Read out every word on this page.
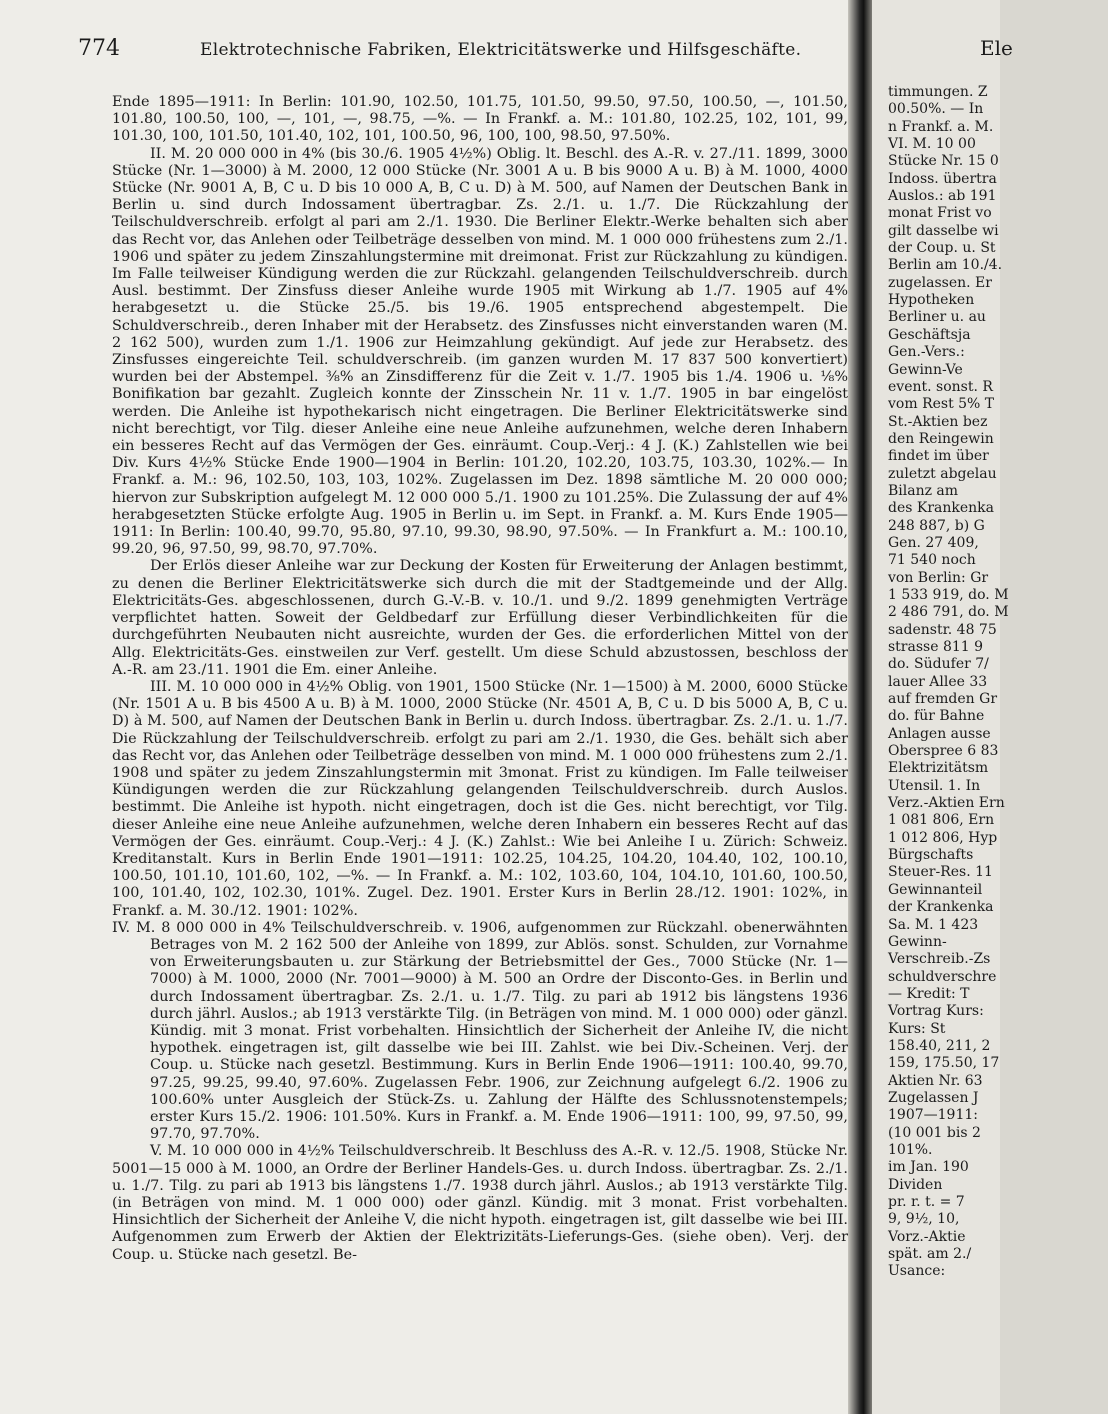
774	Elektrotechnische Fabriken, Elektricitätswerke und Hilfsgeschäfte.

Ende 1895—1911: In Berlin: 101.90, 102.50, 101.75, 101.50, 99.50, 97.50, 100.50, —, 101.50, 101.80, 100.50, 100, —, 101, —, 98.75, —%. — In Frankf. a. M.: 101.80, 102.25, 102, 101, 99, 101.30, 100, 101.50, 101.40, 102, 101, 100.50, 96, 100, 100, 98.50, 97.50%.

II. M. 20 000 000 in 4% (bis 30./6. 1905 4½%) Oblig. lt. Beschl. des A.-R. v. 27./11. 1899, 3000 Stücke (Nr. 1—3000) à M. 2000, 12 000 Stücke (Nr. 3001 A u. B bis 9000 A u. B) à M. 1000, 4000 Stücke (Nr. 9001 A, B, C u. D bis 10 000 A, B, C u. D) à M. 500, auf Namen der Deutschen Bank in Berlin u. sind durch Indossament übertragbar. Zs. 2./1. u. 1./7. Die Rückzahlung der Teilschuldverschreib. erfolgt al pari am 2./1. 1930. Die Berliner Elektr.-Werke behalten sich aber das Recht vor, das Anlehen oder Teilbeträge desselben von mind. M. 1 000 000 frühestens zum 2./1. 1906 und später zu jedem Zinszahlungstermine mit dreimonat. Frist zur Rückzahlung zu kündigen. Im Falle teilweiser Kündigung werden die zur Rückzahl. gelangenden Teilschuldverschreib. durch Ausl. bestimmt. Der Zinsfuss dieser Anleihe wurde 1905 mit Wirkung ab 1./7. 1905 auf 4% herabgesetzt u. die Stücke 25./5. bis 19./6. 1905 entsprechend abgestempelt. Die Schuldverschreib., deren Inhaber mit der Herabsetz. des Zinsfusses nicht einverstanden waren (M. 2 162 500), wurden zum 1./1. 1906 zur Heimzahlung gekündigt. Auf jede zur Herabsetz. des Zinsfusses eingereichte Teil. schuldverschreib. (im ganzen wurden M. 17 837 500 konvertiert) wurden bei der Abstempel. ⅜% an Zinsdifferenz für die Zeit v. 1./7. 1905 bis 1./4. 1906 u. ⅛% Bonifikation bar gezahlt. Zugleich konnte der Zinsschein Nr. 11 v. 1./7. 1905 in bar eingelöst werden. Die Anleihe ist hypothekarisch nicht eingetragen. Die Berliner Elektricitätswerke sind nicht berechtigt, vor Tilg. dieser Anleihe eine neue Anleihe aufzunehmen, welche deren Inhabern ein besseres Recht auf das Vermögen der Ges. einräumt. Coup.-Verj.: 4 J. (K.) Zahlstellen wie bei Div. Kurs 4½% Stücke Ende 1900—1904 in Berlin: 101.20, 102.20, 103.75, 103.30, 102%.— In Frankf. a. M.: 96, 102.50, 103, 103, 102%. Zugelassen im Dez. 1898 sämtliche M. 20 000 000; hiervon zur Subskription aufgelegt M. 12 000 000 5./1. 1900 zu 101.25%. Die Zulassung der auf 4% herabgesetzten Stücke erfolgte Aug. 1905 in Berlin u. im Sept. in Frankf. a. M. Kurs Ende 1905—1911: In Berlin: 100.40, 99.70, 95.80, 97.10, 99.30, 98.90, 97.50%. — In Frankfurt a. M.: 100.10, 99.20, 96, 97.50, 99, 98.70, 97.70%.

Der Erlös dieser Anleihe war zur Deckung der Kosten für Erweiterung der Anlagen bestimmt, zu denen die Berliner Elektricitätswerke sich durch die mit der Stadtgemeinde und der Allg. Elektricitäts-Ges. abgeschlossenen, durch G.-V.-B. v. 10./1. und 9./2. 1899 genehmigten Verträge verpflichtet hatten. Soweit der Geldbedarf zur Erfüllung dieser Verbindlichkeiten für die durchgeführten Neubauten nicht ausreichte, wurden der Ges. die erforderlichen Mittel von der Allg. Elektricitäts-Ges. einstweilen zur Verf. gestellt. Um diese Schuld abzustossen, beschloss der A.-R. am 23./11. 1901 die Em. einer Anleihe.

III. M. 10 000 000 in 4½% Oblig. von 1901, 1500 Stücke (Nr. 1—1500) à M. 2000, 6000 Stücke (Nr. 1501 A u. B bis 4500 A u. B) à M. 1000, 2000 Stücke (Nr. 4501 A, B, C u. D bis 5000 A, B, C u. D) à M. 500, auf Namen der Deutschen Bank in Berlin u. durch Indoss. übertragbar. Zs. 2./1. u. 1./7. Die Rückzahlung der Teilschuldverschreib. erfolgt zu pari am 2./1. 1930, die Ges. behält sich aber das Recht vor, das Anlehen oder Teilbeträge desselben von mind. M. 1 000 000 frühestens zum 2./1. 1908 und später zu jedem Zinszahlungstermin mit 3monat. Frist zu kündigen. Im Falle teilweiser Kündigungen werden die zur Rückzahlung gelangenden Teilschuldverschreib. durch Auslos. bestimmt. Die Anleihe ist hypoth. nicht eingetragen, doch ist die Ges. nicht berechtigt, vor Tilg. dieser Anleihe eine neue Anleihe aufzunehmen, welche deren Inhabern ein besseres Recht auf das Vermögen der Ges. einräumt. Coup.-Verj.: 4 J. (K.) Zahlst.: Wie bei Anleihe I u. Zürich: Schweiz. Kreditanstalt. Kurs in Berlin Ende 1901—1911: 102.25, 104.25, 104.20, 104.40, 102, 100.10, 100.50, 101.10, 101.60, 102, —%. — In Frankf. a. M.: 102, 103.60, 104, 104.10, 101.60, 100.50, 100, 101.40, 102, 102.30, 101%. Zugel. Dez. 1901. Erster Kurs in Berlin 28./12. 1901: 102%, in Frankf. a. M. 30./12. 1901: 102%.

IV. M. 8 000 000 in 4% Teilschuldverschreib. v. 1906, aufgenommen zur Rückzahl. obenerwähnten Betrages von M. 2 162 500 der Anleihe von 1899, zur Ablös. sonst. Schulden, zur Vornahme von Erweiterungsbauten u. zur Stärkung der Betriebsmittel der Ges., 7000 Stücke (Nr. 1—7000) à M. 1000, 2000 (Nr. 7001—9000) à M. 500 an Ordre der Disconto-Ges. in Berlin und durch Indossament übertragbar. Zs. 2./1. u. 1./7. Tilg. zu pari ab 1912 bis längstens 1936 durch jährl. Auslos.; ab 1913 verstärkte Tilg. (in Beträgen von mind. M. 1 000 000) oder gänzl. Kündig. mit 3 monat. Frist vorbehalten. Hinsichtlich der Sicherheit der Anleihe IV, die nicht hypothek. eingetragen ist, gilt dasselbe wie bei III. Zahlst. wie bei Div.-Scheinen. Verj. der Coup. u. Stücke nach gesetzl. Bestimmung. Kurs in Berlin Ende 1906—1911: 100.40, 99.70, 97.25, 99.25, 99.40, 97.60%. Zugelassen Febr. 1906, zur Zeichnung aufgelegt 6./2. 1906 zu 100.60% unter Ausgleich der Stück-Zs. u. Zahlung der Hälfte des Schlussnotenstempels; erster Kurs 15./2. 1906: 101.50%. Kurs in Frankf. a. M. Ende 1906—1911: 100, 99, 97.50, 99, 97.70, 97.70%.

V. M. 10 000 000 in 4½% Teilschuldverschreib. lt Beschluss des A.-R. v. 12./5. 1908, Stücke Nr. 5001—15 000 à M. 1000, an Ordre der Berliner Handels-Ges. u. durch Indoss. übertragbar. Zs. 2./1. u. 1./7. Tilg. zu pari ab 1913 bis längstens 1./7. 1938 durch jährl. Auslos.; ab 1913 verstärkte Tilg. (in Beträgen von mind. M. 1 000 000) oder gänzl. Kündig. mit 3 monat. Frist vorbehalten. Hinsichtlich der Sicherheit der Anleihe V, die nicht hypoth. eingetragen ist, gilt dasselbe wie bei III. Aufgenommen zum Erwerb der Aktien der Elektrizitäts-Lieferungs-Ges. (siehe oben). Verj. der Coup. u. Stücke nach gesetzl. Be-

Ele
timmungen. Z
00.50%. — In
n Frankf. a. M.
VI. M. 10 00
Stücke Nr. 15 0
Indoss. übertra
Auslos.: ab 191
monat Frist vo
gilt dasselbe wi
der Coup. u. St
Berlin am 10./4.
zugelassen. Er
Hypotheken
Berliner u. au
Geschäftsja
Gen.-Vers.:
Gewinn-Ve
event. sonst. R
vom Rest 5% T
St.-Aktien bez
den Reingewin
findet im über
zuletzt abgelau
Bilanz am
des Krankenka
248 887, b) G
Gen. 27 409,
71 540 noch
von Berlin: Gr
1 533 919, do. M
2 486 791, do. M
sadenstr. 48 75
strasse 811 9
do. Südufer 7/
lauer Allee 33
auf fremden Gr
do. für Bahne
Anlagen ausse
Oberspree 6 83
Elektrizitätsm
Utensil. 1. In
Verz.-Aktien Ern
1 081 806, Ern
1 012 806, Hyp
Bürgschafts
Steuer-Res. 11
Gewinnanteil
der Krankenka
Sa. M. 1 423
Gewinn-
Verschreib.-Zs
schuldverschre
— Kredit: T
Vortrag Kurs:
Kurs: St
158.40, 211, 2
159, 175.50, 17
Aktien Nr. 63
Zugelassen J
1907—1911:
(10 001 bis 2
101%.
im Jan. 190
Dividen
pr. r. t. = 7
9, 9½, 10,
Vorz.-Aktie
spät. am 2./
Usance:
